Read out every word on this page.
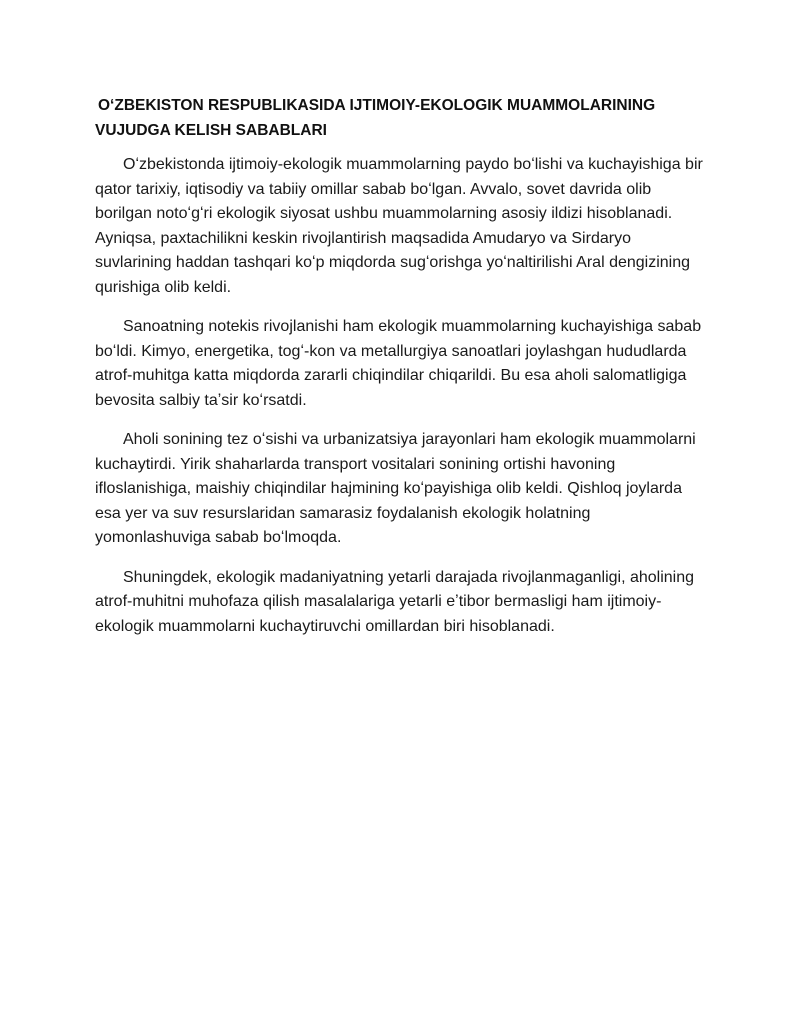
Oʻ‌ZBEKISTON RESPUBLIKASIDA IJTIMOIY-EKOLOGIK MUAMMOLARINING VUJUDGA KELISH SABABLARI

Oʻzbekistonda ijtimoiy-ekologik muammolarning paydo boʻlishi va kuchayishiga bir qator tarixiy, iqtisodiy va tabiiy omillar sabab boʻlgan. Avvalo, sovet davrida olib borilgan notoʻgʻri ekologik siyosat ushbu muammolarning asosiy ildizi hisoblanadi. Ayniqsa, paxtachilikni keskin rivojlantirish maqsadida Amudaryo va Sirdaryo suvlarining haddan tashqari koʻp miqdorda sugʻorishga yoʻnaltirilishi Aral dengizining qurishiga olib keldi.

Sanoatning notekis rivojlanishi ham ekologik muammolarning kuchayishiga sabab boʻldi. Kimyo, energetika, togʻ-kon va metallurgiya sanoatlari joylashgan hududlarda atrof-muhitga katta miqdorda zararli chiqindilar chiqarildi. Bu esa aholi salomatligiga bevosita salbiy taʼsir koʻrsatdi.

Aholi sonining tez oʻsishi va urbanizatsiya jarayonlari ham ekologik muammolarni kuchaytirdi. Yirik shaharlarda transport vositalari sonining ortishi havoning ifloslanishiga, maishiy chiqindilar hajmining koʻpayishiga olib keldi. Qishloq joylarda esa yer va suv resurslaridan samarasiz foydalanish ekologik holatning yomonlashuviga sabab boʻlmoqda.

Shuningdek, ekologik madaniyatning yetarli darajada rivojlanmaganligi, aholining atrof-muhitni muhofaza qilish masalalariga yetarli eʼtibor bermasligi ham ijtimoiy-ekologik muammolarni kuchaytiruvchi omillardan biri hisoblanadi.
